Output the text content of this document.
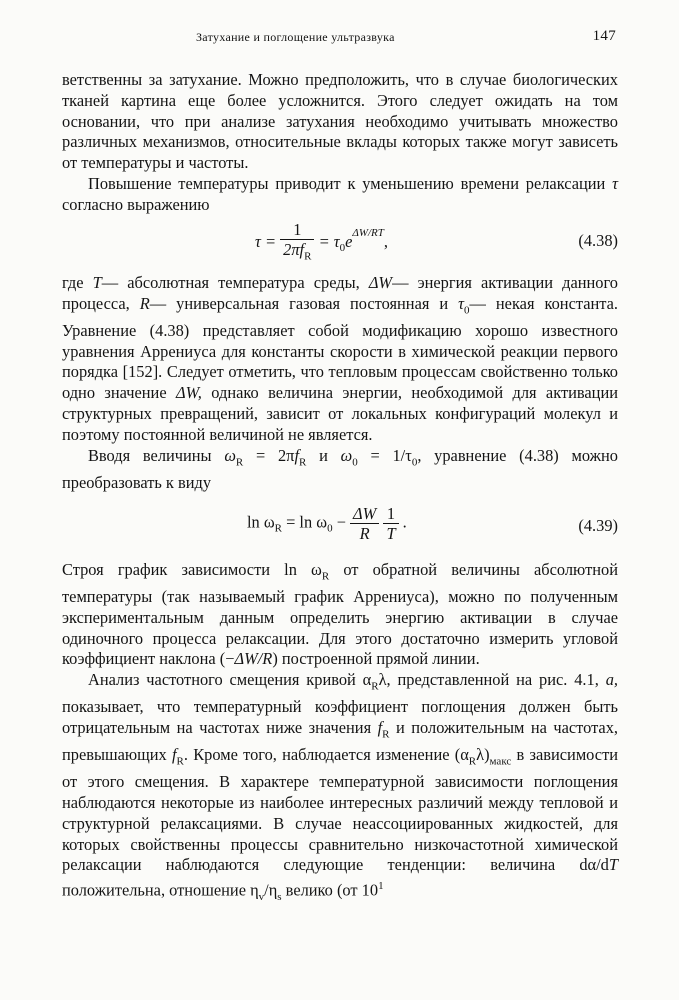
Затухание и поглощение ультразвука	147

ветственны за затухание. Можно предположить, что в случае биологических тканей картина еще более усложнится. Этого следует ожидать на том основании, что при анализе затухания необходимо учитывать множество различных механизмов, относительные вклады которых также могут зависеть от температуры и частоты.

Повышение температуры приводит к уменьшению времени релаксации τ согласно выражению

$\tau = \frac{1}{2\pi f_R} = \tau_0e^{\Delta W/RT}$,	(4.38)

где T— абсолютная температура среды, ΔW— энергия активации данного процесса, R— универсальная газовая постоянная и $\tau_0—$ некая константа. Уравнение (4.38) представляет собой модификацию хорошо известного уравнения Аррениуса для константы скорости в химической реакции первого порядка [152]. Следует отметить, что тепловым процессам свойственно только одно значение ΔW, однако величина энергии, необходимой для активации структурных превращений, зависит от локальных конфигураций молекул и поэтому постоянной величиной не является.

Вводя величины $\omega_R = 2\pi f_R$ и $\omega_0 = 1/\tau_0$, уравнение (4.38) можно преобразовать к виду

$\ln \omega_R = \ln \omega_0 - \frac{\Delta W}{R}$
$\frac{1}{T}$ .	(4.39)

Строя график зависимости $\ln \omega_R$ от обратной величины абсолютной температуры (так называемый график Аррениуса), можно по полученным экспериментальным данным определить энергию активации в случае одиночного процесса релаксации. Для этого достаточно измерить угловой коэффициент наклона (−ΔW/R) построенной прямой линии.

Анализ частотного смещения кривой $\alpha_R\lambda$, представленной на рис. 4.1, а, показывает, что температурный коэффициент поглощения должен быть отрицательным на частотах ниже значения $f_R$ и положительным на частотах, превышающих $f_R$. Кроме того, наблюдается изменение $(\alpha_R\lambda)_{макс}$ в зависимости от этого смещения. В характере температурной зависимости поглощения наблюдаются некоторые из наиболее интересных различий между тепловой и структурной релаксациями. В случае неассоциированных жидкостей, для которых свойственны процессы сравнительно низкочастотной химической релаксации наблюдаются следующие тенденции: величина dα/dT положительна, отношение $\eta_v/\eta_s$ велико (от $10^1$
